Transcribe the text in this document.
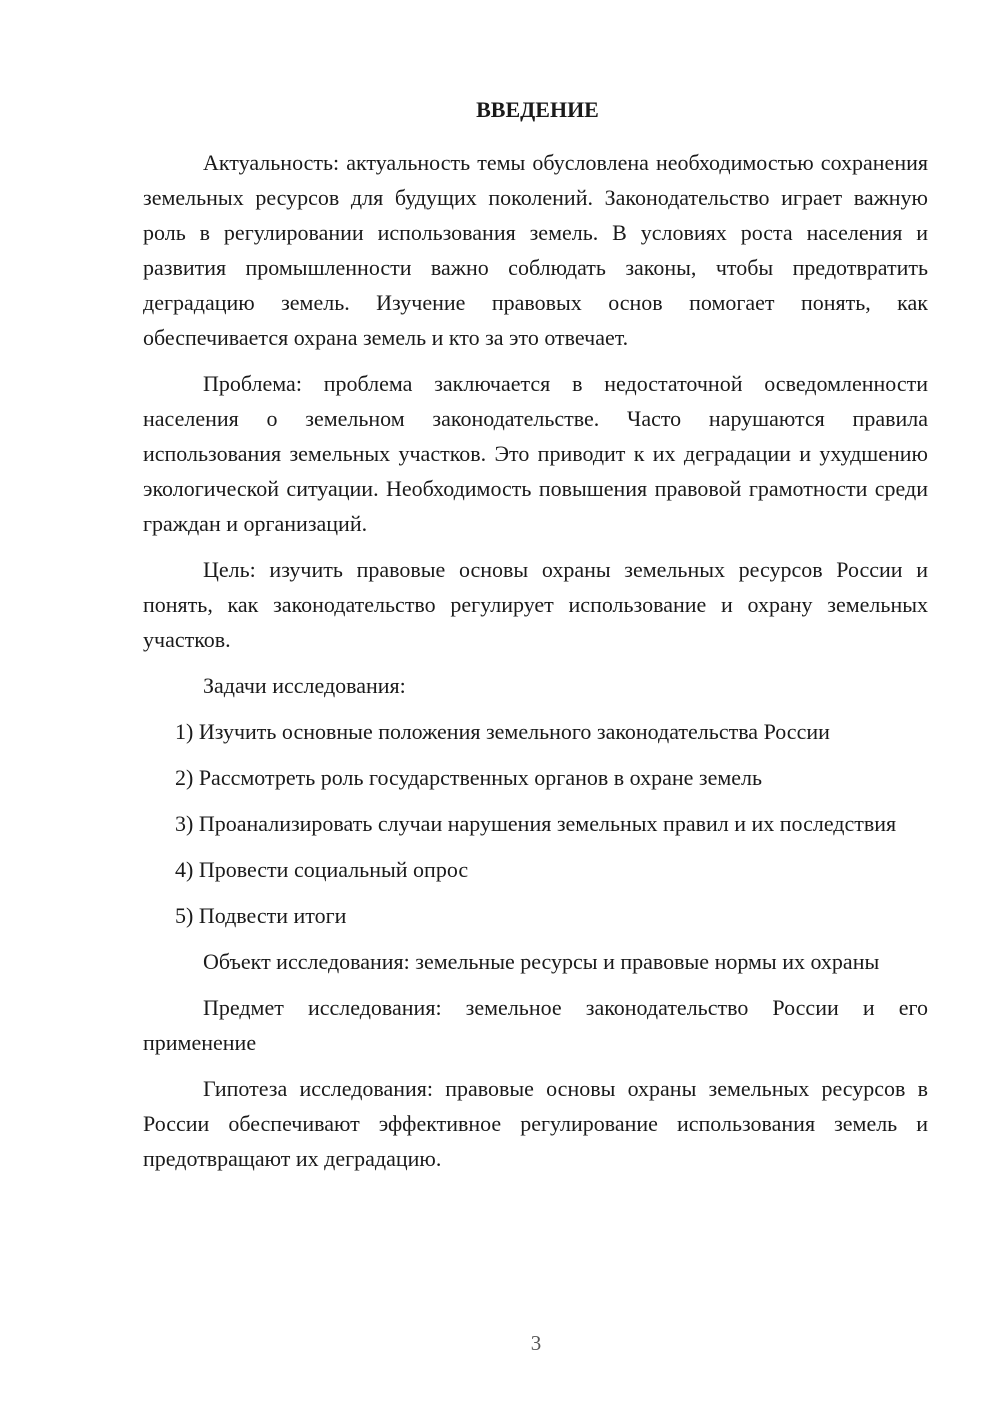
ВВЕДЕНИЕ

Актуальность: актуальность темы обусловлена необходимостью сохранения земельных ресурсов для будущих поколений. Законодательство играет важную роль в регулировании использования земель. В условиях роста населения и развития промышленности важно соблюдать законы, чтобы предотвратить деградацию земель. Изучение правовых основ помогает понять, как обеспечивается охрана земель и кто за это отвечает.

Проблема: проблема заключается в недостаточной осведомленности населения о земельном законодательстве. Часто нарушаются правила использования земельных участков. Это приводит к их деградации и ухудшению экологической ситуации. Необходимость повышения правовой грамотности среди граждан и организаций.

Цель: изучить правовые основы охраны земельных ресурсов России и понять, как законодательство регулирует использование и охрану земельных участков.

Задачи исследования:

1) Изучить основные положения земельного законодательства России

2) Рассмотреть роль государственных органов в охране земель

3) Проанализировать случаи нарушения земельных правил и их последствия

4) Провести социальный опрос

5) Подвести итоги

Объект исследования: земельные ресурсы и правовые нормы их охраны

Предмет исследования: земельное законодательство России и его применение

Гипотеза исследования: правовые основы охраны земельных ресурсов в России обеспечивают эффективное регулирование использования земель и предотвращают их деградацию.

3
